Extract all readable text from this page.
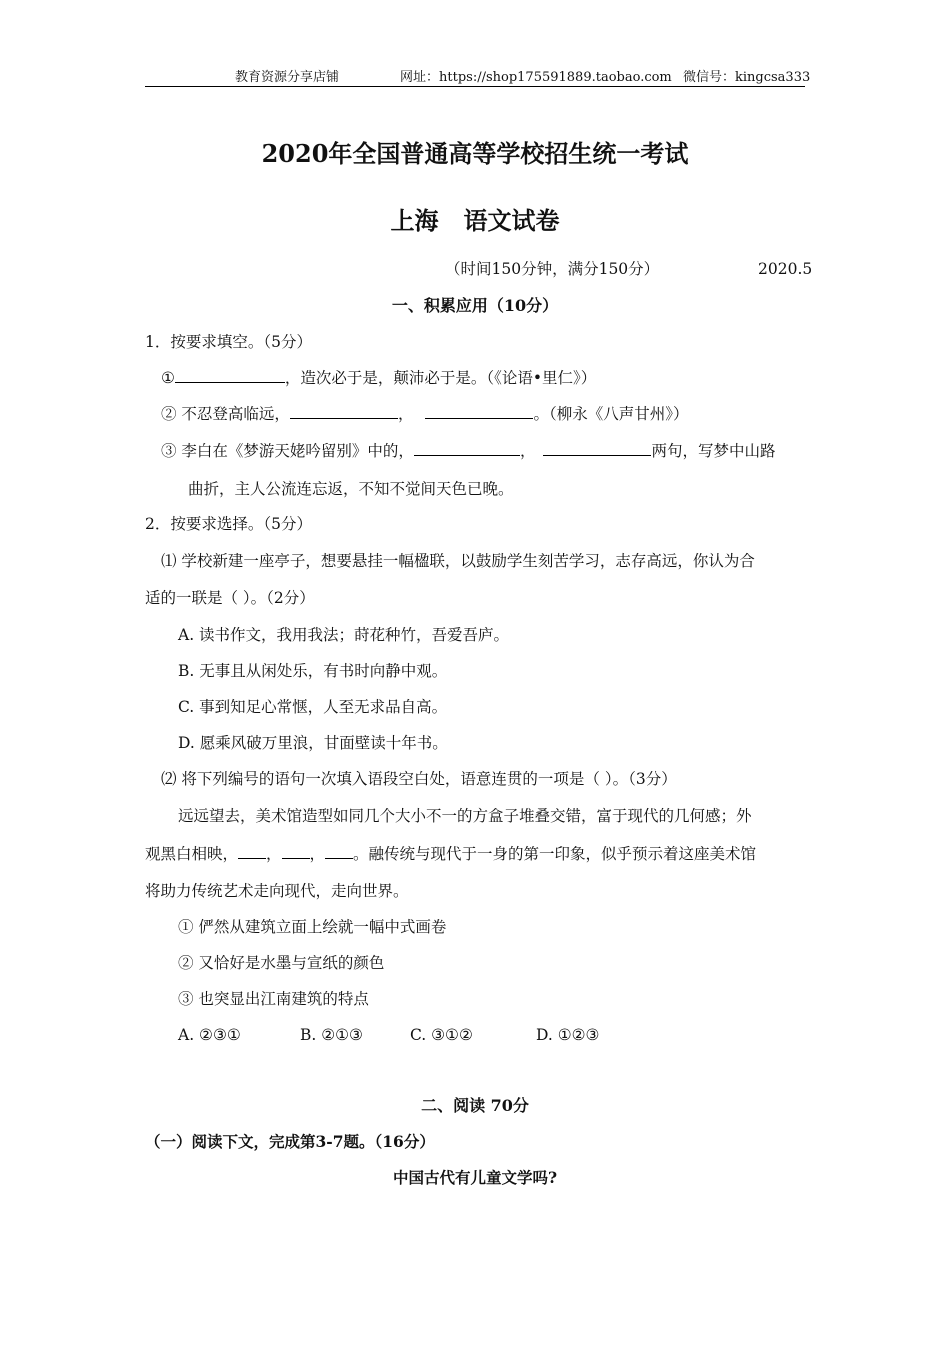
教育资源分享店铺	网址：https://shop175591889.taobao.com 微信号：kingcsa333
2020年全国普通高等学校招生统一考试
上海   语文试卷
（时间150分钟，满分150分）	2020.5
一、积累应用（10分）
1．按要求填空。（5分）
①	，造次必于是，颠沛必于是。（《论语•里仁》）
② 不忍登高临远，	，	。（柳永《八声甘州》）
③ 李白在《梦游天姥吟留别》中的，	，	两句，写梦中山路
曲折，主人公流连忘返，不知不觉间天色已晚。
2．按要求选择。（5分）
⑴ 学校新建一座亭子，想要悬挂一幅楹联，以鼓励学生刻苦学习，志存高远，你认为合
适的一联是（ ）。（2分）
A. 读书作文，我用我法；莳花种竹，吾爱吾庐。
B. 无事且从闲处乐，有书时向静中观。
C. 事到知足心常惬，人至无求品自高。
D. 愿乘风破万里浪，甘面壁读十年书。
⑵ 将下列编号的语句一次填入语段空白处，语意连贯的一项是（ ）。（3分）
远远望去，美术馆造型如同几个大小不一的方盒子堆叠交错，富于现代的几何感；外
观黑白相映， ， ， 。融传统与现代于一身的第一印象，似乎预示着这座美术馆
将助力传统艺术走向现代，走向世界。
① 俨然从建筑立面上绘就一幅中式画卷
② 又恰好是水墨与宣纸的颜色
③ 也突显出江南建筑的特点
A. ②③①	B. ②①③	C. ③①②	D. ①②③
二、阅读 70分
（一）阅读下文，完成第3-7题。（16分）
中国古代有儿童文学吗?
